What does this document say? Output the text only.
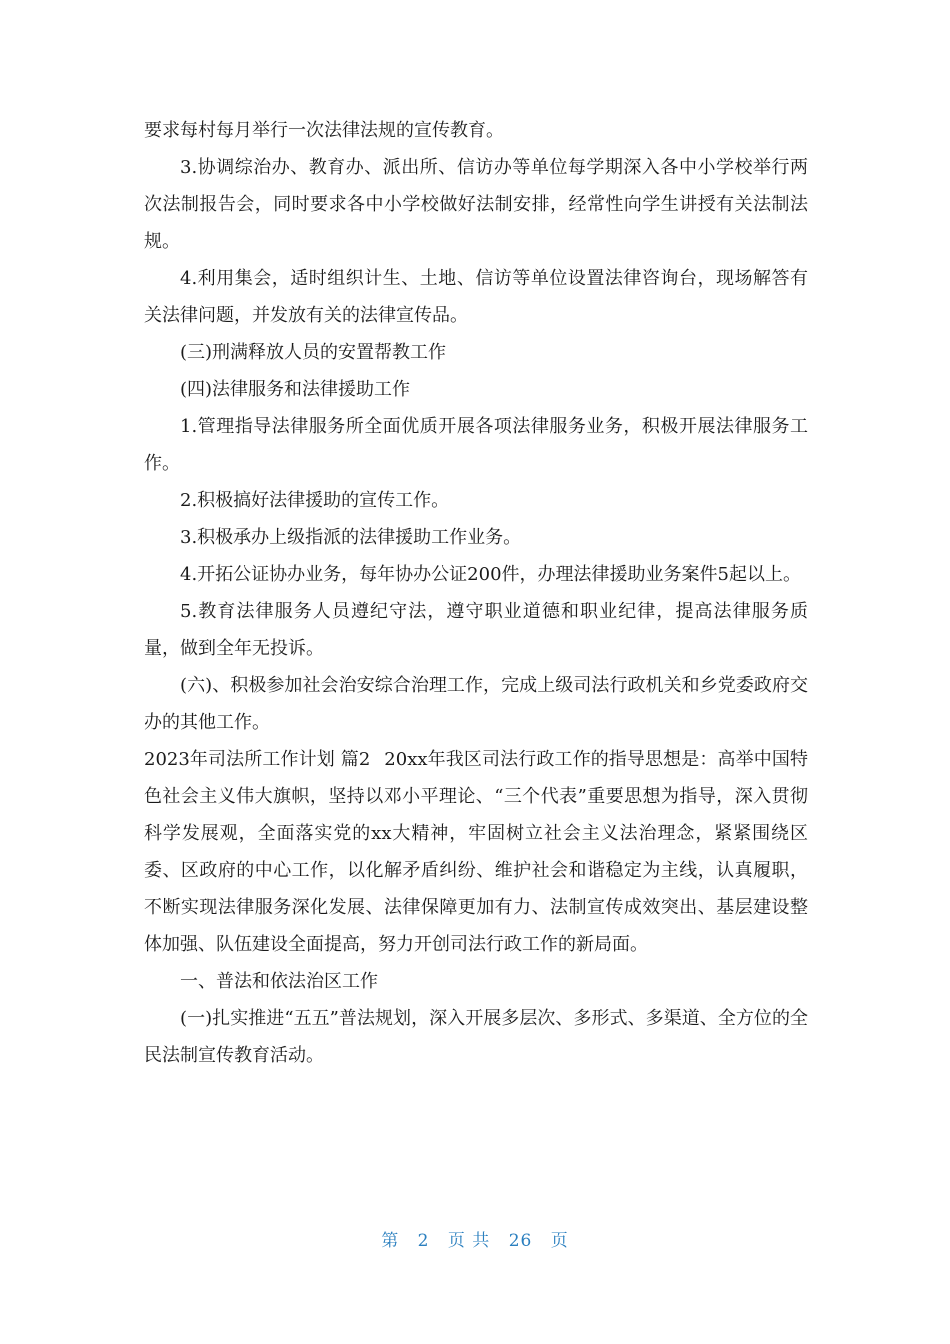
要求每村每月举行一次法律法规的宣传教育。

3.协调综治办、教育办、派出所、信访办等单位每学期深入各中小学校举行两次法制报告会，同时要求各中小学校做好法制安排，经常性向学生讲授有关法制法规。

4.利用集会，适时组织计生、土地、信访等单位设置法律咨询台，现场解答有关法律问题，并发放有关的法律宣传品。

(三)刑满释放人员的安置帮教工作

(四)法律服务和法律援助工作

1.管理指导法律服务所全面优质开展各项法律服务业务，积极开展法律服务工作。

2.积极搞好法律援助的宣传工作。

3.积极承办上级指派的法律援助工作业务。

4.开拓公证协办业务，每年协办公证200件，办理法律援助业务案件5起以上。

5.教育法律服务人员遵纪守法，遵守职业道德和职业纪律，提高法律服务质量，做到全年无投诉。

(六)、积极参加社会治安综合治理工作，完成上级司法行政机关和乡党委政府交办的其他工作。

2023年司法所工作计划 篇2 20xx年我区司法行政工作的指导思想是：高举中国特色社会主义伟大旗帜，坚持以邓小平理论、“三个代表”重要思想为指导，深入贯彻科学发展观，全面落实党的xx大精神，牢固树立社会主义法治理念，紧紧围绕区委、区政府的中心工作，以化解矛盾纠纷、维护社会和谐稳定为主线，认真履职，不断实现法律服务深化发展、法律保障更加有力、法制宣传成效突出、基层建设整体加强、队伍建设全面提高，努力开创司法行政工作的新局面。

一、普法和依法治区工作

(一)扎实推进“五五”普法规划，深入开展多层次、多形式、多渠道、全方位的全民法制宣传教育活动。

第 2 页 共 26 页
